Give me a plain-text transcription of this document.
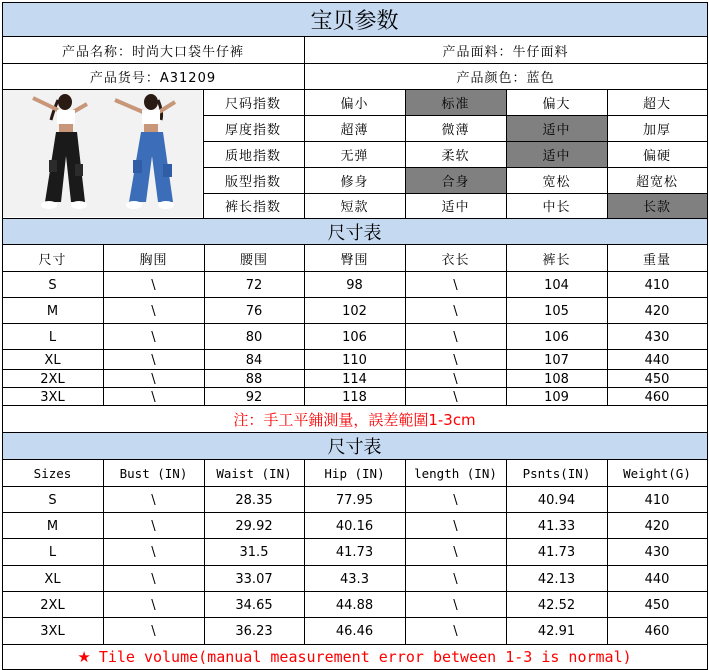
宝贝参数
产品名称：时尚大口袋牛仔裤	产品面料：牛仔面料
产品货号：A31209	产品颜色：蓝色
尺码指数	偏小	标准	偏大	超大
厚度指数	超薄	微薄	适中	加厚
质地指数	无弹	柔软	适中	偏硬
版型指数	修身	合身	宽松	超宽松
裤长指数	短款	适中	中长	长款
尺寸表
尺寸	胸围	腰围	臀围	衣长	裤长	重量
S	\	72	98	\	104	410
M	\	76	102	\	105	420
L	\	80	106	\	106	430
XL	\	84	110	\	107	440
2XL	\	88	114	\	108	450
3XL	\	92	118	\	109	460
注：手工平鋪測量，誤差範圍1-3cm
尺寸表
Sizes	Bust (IN)	Waist (IN)	Hip (IN)	length (IN)	Psnts(IN)	Weight(G)
S	\	28.35	77.95	\	40.94	410
M	\	29.92	40.16	\	41.33	420
L	\	31.5	41.73	\	41.73	430
XL	\	33.07	43.3	\	42.13	440
2XL	\	34.65	44.88	\	42.52	450
3XL	\	36.23	46.46	\	42.91	460
★ Tile volume(manual measurement error between 1-3 is normal)
